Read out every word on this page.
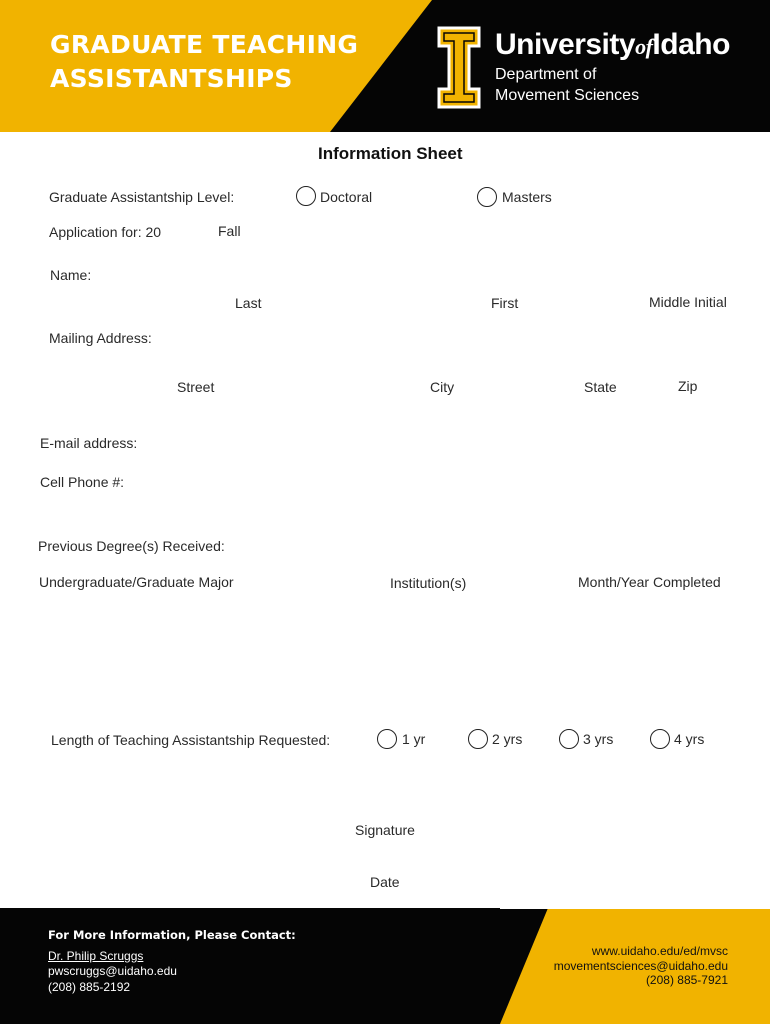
GRADUATE TEACHING
ASSISTANTSHIPS
UniversityofIdaho
Department of
Movement Sciences
Information Sheet
Graduate Assistantship Level:	Doctoral	Masters
Application for: 20	Fall
Name:
Last	First	Middle Initial
Mailing Address:
Street	City	State	Zip
E-mail address:
Cell Phone #:
Previous Degree(s) Received:
Undergraduate/Graduate Major	Institution(s)	Month/Year Completed
Length of Teaching Assistantship Requested:	1 yr	2 yrs	3 yrs	4 yrs
Signature
Date
For More Information, Please Contact:
Dr. Philip Scruggs
pwscruggs@uidaho.edu
(208) 885-2192
www.uidaho.edu/ed/mvsc
movementsciences@uidaho.edu
(208) 885-7921
